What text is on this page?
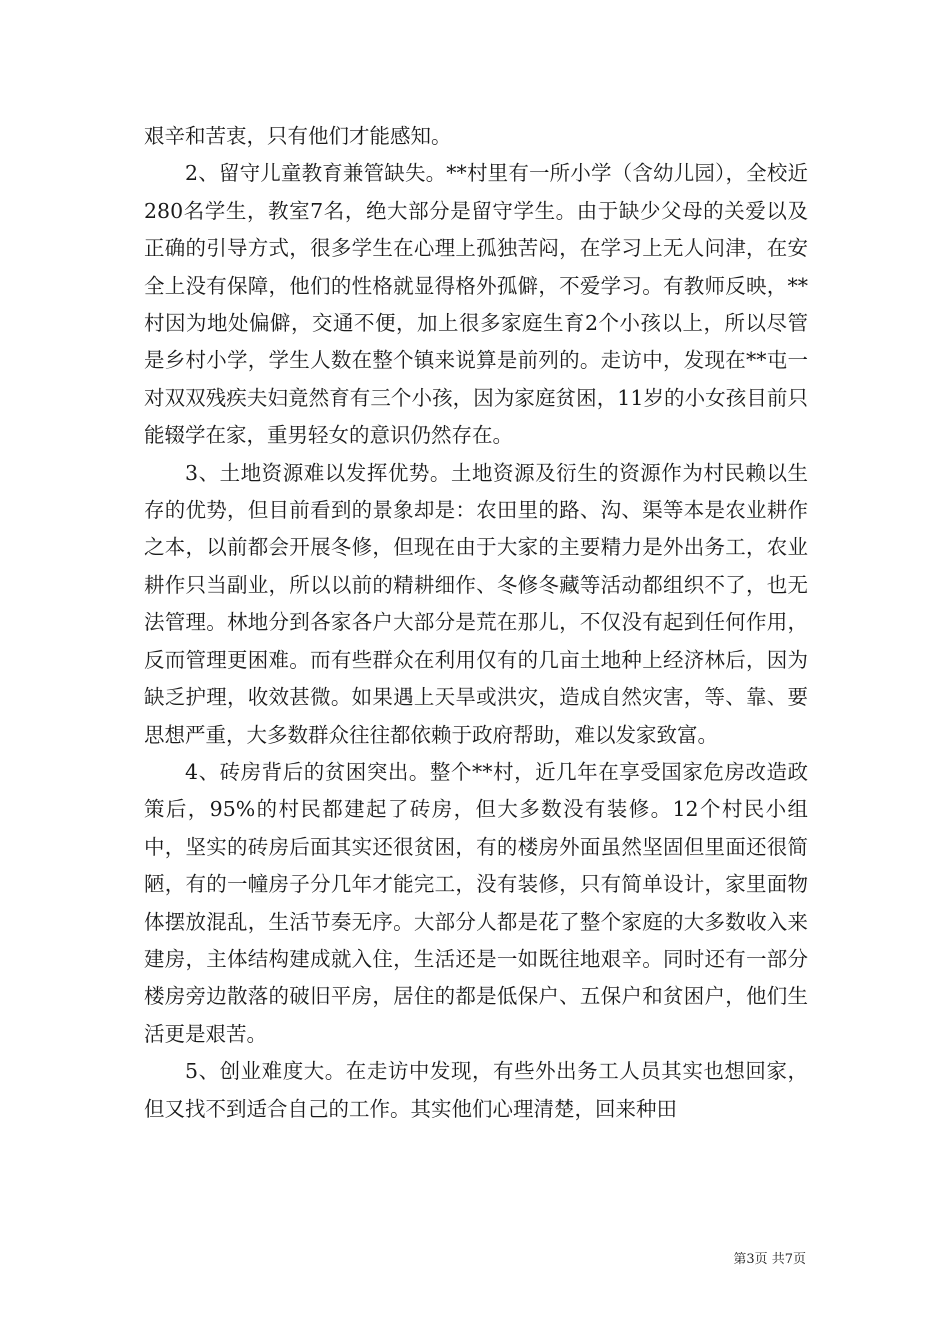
艰辛和苦衷，只有他们才能感知。

2、留守儿童教育兼管缺失。**村里有一所小学（含幼儿园），全校近280名学生，教室7名，绝大部分是留守学生。由于缺少父母的关爱以及正确的引导方式，很多学生在心理上孤独苦闷，在学习上无人问津，在安全上没有保障，他们的性格就显得格外孤僻，不爱学习。有教师反映，**村因为地处偏僻，交通不便，加上很多家庭生育2个小孩以上，所以尽管是乡村小学，学生人数在整个镇来说算是前列的。走访中，发现在**屯一对双双残疾夫妇竟然育有三个小孩，因为家庭贫困，11岁的小女孩目前只能辍学在家，重男轻女的意识仍然存在。

3、土地资源难以发挥优势。土地资源及衍生的资源作为村民赖以生存的优势，但目前看到的景象却是：农田里的路、沟、渠等本是农业耕作之本，以前都会开展冬修，但现在由于大家的主要精力是外出务工，农业耕作只当副业，所以以前的精耕细作、冬修冬藏等活动都组织不了，也无法管理。林地分到各家各户大部分是荒在那儿，不仅没有起到任何作用，反而管理更困难。而有些群众在利用仅有的几亩土地种上经济林后，因为缺乏护理，收效甚微。如果遇上天旱或洪灾，造成自然灾害，等、靠、要思想严重，大多数群众往往都依赖于政府帮助，难以发家致富。

4、砖房背后的贫困突出。整个**村，近几年在享受国家危房改造政策后，95%的村民都建起了砖房，但大多数没有装修。12个村民小组中，坚实的砖房后面其实还很贫困，有的楼房外面虽然坚固但里面还很简陋，有的一幢房子分几年才能完工，没有装修，只有简单设计，家里面物体摆放混乱，生活节奏无序。大部分人都是花了整个家庭的大多数收入来建房，主体结构建成就入住，生活还是一如既往地艰辛。同时还有一部分楼房旁边散落的破旧平房，居住的都是低保户、五保户和贫困户，他们生活更是艰苦。

5、创业难度大。在走访中发现，有些外出务工人员其实也想回家，但又找不到适合自己的工作。其实他们心理清楚，回来种田

第3页 共7页
